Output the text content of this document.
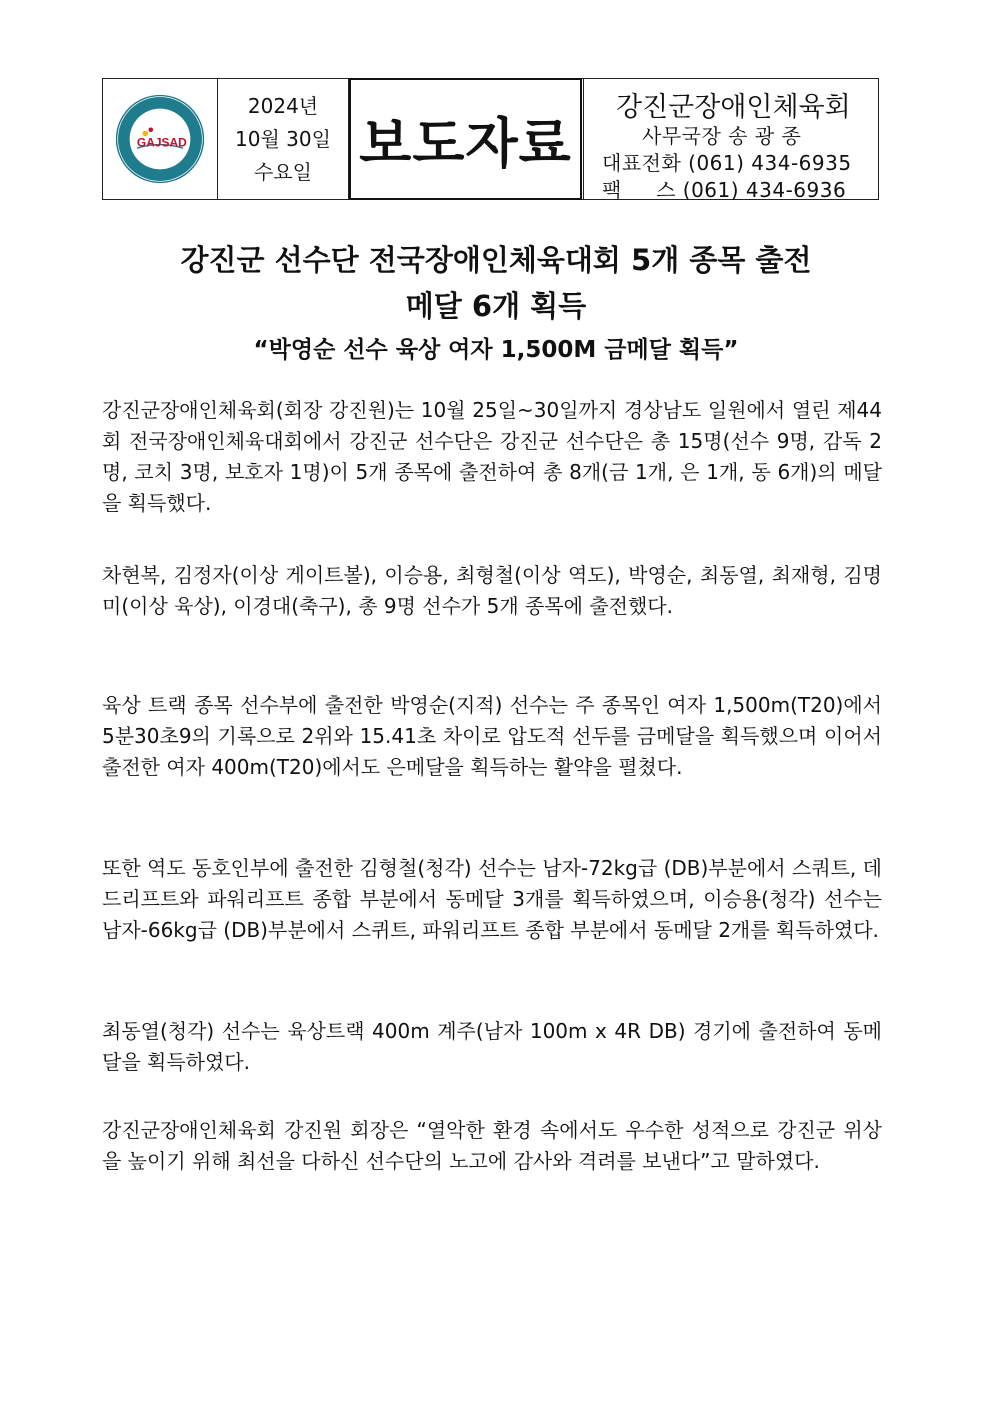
GAJSAD
2024년
10월 30일
수요일 보도자료
강진군장애인체육회
사무국장 송 광 종
대표전화 (061) 434-6935
팩     스 (061) 434-6936
강진군 선수단 전국장애인체육대회 5개 종목 출전
메달 6개 획득
“박영순 선수 육상 여자 1,500M 금메달 획득”

강진군장애인체육회(회장 강진원)는 10월 25일~30일까지 경상남도 일원에서 열린 제44회 전국장애인체육대회에서 강진군 선수단은 강진군 선수단은 총 15명(선수 9명, 감독 2명, 코치 3명, 보호자 1명)이 5개 종목에 출전하여 총 8개(금 1개, 은 1개, 동 6개)의 메달을 획득했다.

차현복, 김정자(이상 게이트볼), 이승용, 최형철(이상 역도), 박영순, 최동열, 최재형, 김명미(이상 육상), 이경대(축구), 총 9명 선수가 5개 종목에 출전했다.

육상 트랙 종목 선수부에 출전한 박영순(지적) 선수는 주 종목인 여자 1,500m(T20)에서 5분30초9의 기록으로 2위와 15.41초 차이로 압도적 선두를 금메달을 획득했으며 이어서 출전한 여자 400m(T20)에서도 은메달을 획득하는 활약을 펼쳤다.

또한 역도 동호인부에 출전한 김형철(청각) 선수는 남자-72kg급 (DB)부분에서 스쿼트, 데드리프트와 파워리프트 종합 부분에서 동메달 3개를 획득하였으며, 이승용(청각) 선수는 남자-66kg급 (DB)부분에서 스퀴트, 파워리프트 종합 부분에서 동메달 2개를 획득하였다.

최동열(청각) 선수는 육상트랙 400m 계주(남자 100m x 4R DB) 경기에 출전하여 동메달을 획득하였다.

강진군장애인체육회 강진원 회장은 “열악한 환경 속에서도 우수한 성적으로 강진군 위상을 높이기 위해 최선을 다하신 선수단의 노고에 감사와 격려를 보낸다”고 말하였다.
